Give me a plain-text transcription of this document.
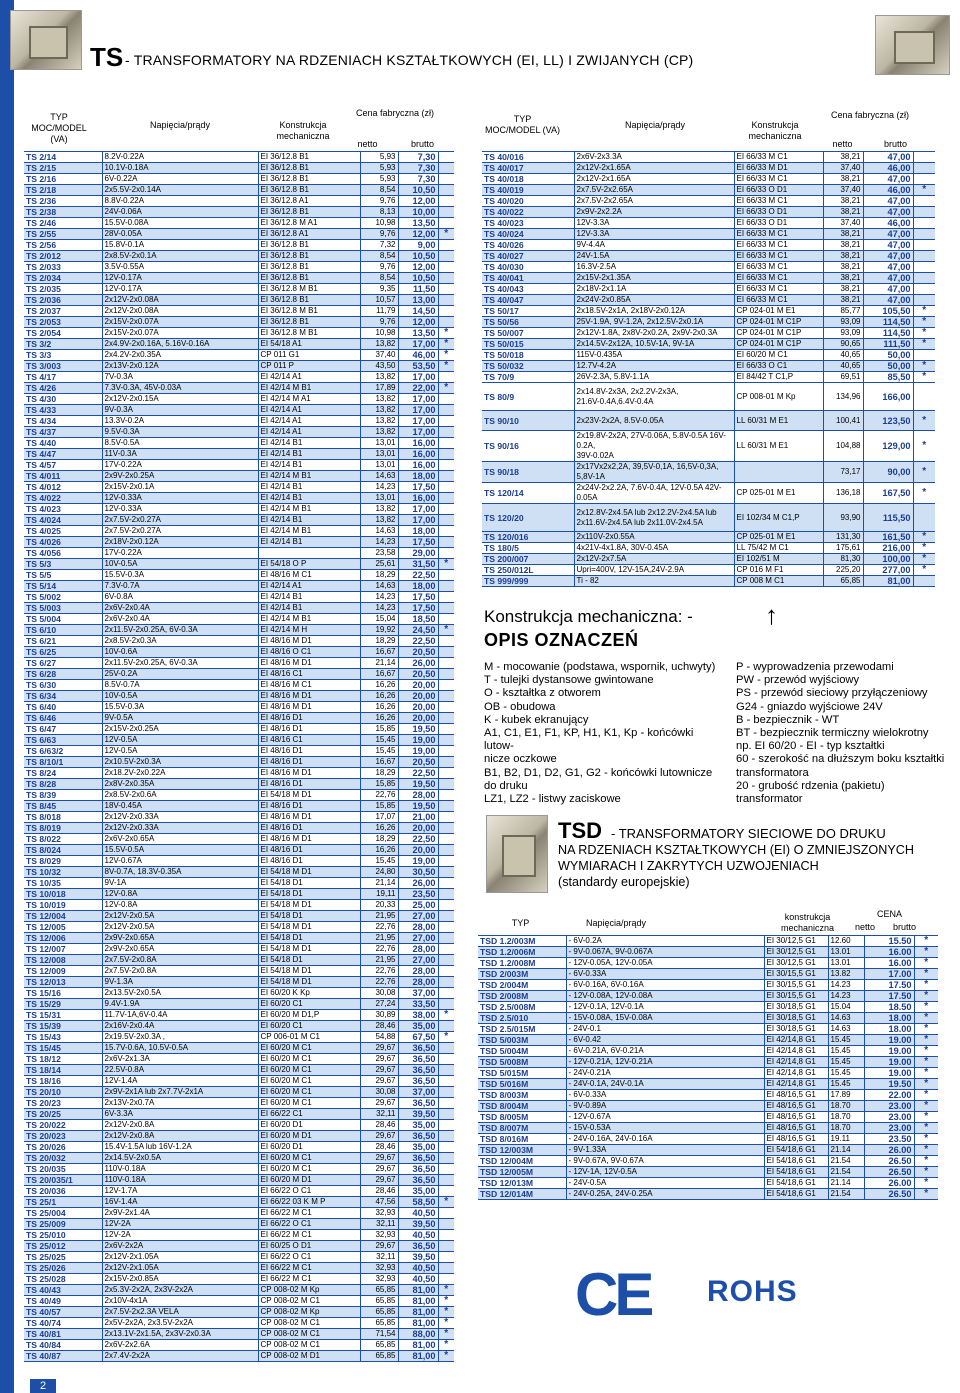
2
TS - TRANSFORMATORY NA RDZENIACH KSZTAŁTKOWYCH (EI, LL) I ZWIJANYCH (CP)
TYP MOC/MODEL (VA)
Napięcia/prądy	Konstrukcja mechaniczna
Cena fabryczna (zł)
netto	brutto
TS 2/14	8.2V-0.22A	EI 36/12.8 B1	5,93	7,30	
TS 2/15	10.1V-0.18A	EI 36/12.8 B1	5,93	7,30	
TS 2/16	6V-0.22A	EI 36/12.8 B1	5,93	7,30	
TS 2/18	2x5.5V-2x0.14A	EI 36/12.8 B1	8,54	10,50	
TS 2/36	8.8V-0.22A	EI 36/12.8 A1	9,76	12,00	
TS 2/38	24V-0.06A	EI 36/12.8 B1	8,13	10,00	
TS 2/46	15.5V-0.08A	EI 36/12.8 M A1	10,98	13,50	
TS 2/55	28V-0.05A	EI 36/12.8 A1	9,76	12,00	*
TS 2/56	15.8V-0.1A	EI 36/12.8 B1	7,32	9,00	
TS 2/012	2x8.5V-2x0.1A	EI 36/12.8 B1	8,54	10,50	
TS 2/033	3.5V-0.55A	EI 36/12.8 B1	9,76	12,00	
TS 2/034	12V-0.17A	EI 36/12.8 B1	8,54	10,50	
TS 2/035	12V-0.17A	EI 36/12.8 M B1	9,35	11,50	
TS 2/036	2x12V-2x0.08A	EI 36/12.8 B1	10,57	13,00	
TS 2/037	2x12V-2x0.08A	EI 36/12.8 M B1	11,79	14,50	
TS 2/053	2x15V-2x0.07A	EI 36/12.8 B1	9,76	12,00	
TS 2/054	2x15V-2x0.07A	EI 36/12.8 M B1	10,98	13,50	*
TS 3/2	2x4.9V-2x0.16A, 5.16V-0.16A	EI 54/18 A1	13,82	17,00	*
TS 3/3	2x4.2V-2x0.35A	CP 011 G1	37,40	46,00	*
TS 3/003	2x13V-2x0.12A	CP 011 P	43,50	53,50	*
TS 4/17	7V-0.3A	EI 42/14 A1	13,82	17,00	
TS 4/26	7.3V-0.3A, 45V-0.03A	EI 42/14 M B1	17,89	22,00	*
TS 4/30	2x12V-2x0.15A	EI 42/14 M A1	13,82	17,00	
TS 4/33	9V-0.3A	EI 42/14 A1	13,82	17,00	
TS 4/34	13.3V-0.2A	EI 42/14 A1	13,82	17,00	
TS 4/37	9.5V-0.3A	EI 42/14 A1	13,82	17,00	
TS 4/40	8.5V-0.5A	EI 42/14 B1	13,01	16,00	
TS 4/47	11V-0.3A	EI 42/14 B1	13,01	16,00	
TS 4/57	17V-0.22A	EI 42/14 B1	13,01	16,00	
TS 4/011	2x9V-2x0.25A	EI 42/14 M B1	14,63	18,00	
TS 4/012	2x15V-2x0.1A	EI 42/14 B1	14,23	17,50	
TS 4/022	12V-0.33A	EI 42/14 B1	13,01	16,00	
TS 4/023	12V-0.33A	EI 42/14 M B1	13,82	17,00	
TS 4/024	2x7.5V-2x0.27A	EI 42/14 B1	13,82	17,00	
TS 4/025	2x7.5V-2x0.27A	EI 42/14 M B1	14,63	18,00	
TS 4/026	2x18V-2x0.12A	EI 42/14 B1	14,23	17,50	
TS 4/056	17V-0.22A		23,58	29,00	
TS 5/3	10V-0.5A	EI 54/18 O P	25,61	31,50	*
TS 5/5	15.5V-0.3A	EI 48/16 M C1	18,29	22,50	
TS 5/14	7.3V-0.7A	EI 42/14 A1	14,63	18,00	
TS 5/002	6V-0.8A	EI 42/14 B1	14,23	17,50	
TS 5/003	2x6V-2x0.4A	EI 42/14 B1	14,23	17,50	
TS 5/004	2x6V-2x0.4A	EI 42/14 M B1	15,04	18,50	
TS 6/10	2x11.5V-2x0.25A, 6V-0.3A	EI 42/14 M H	19,92	24,50	*
TS 6/21	2x8.5V-2x0.3A	EI 48/16 M D1	18,29	22,50	
TS 6/25	10V-0.6A	EI 48/16 O C1	16,67	20,50	
TS 6/27	2x11.5V-2x0.25A, 6V-0.3A	EI 48/16 M D1	21,14	26,00	
TS 6/28	25V-0.2A	EI 48/16 C1	16,67	20,50	
TS 6/30	8.5V-0.7A	EI 48/16 M C1	16,26	20,00	
TS 6/34	10V-0.5A	EI 48/16 M D1	16,26	20,00	
TS 6/40	15.5V-0.3A	EI 48/16 M D1	16,26	20,00	
TS 6/46	9V-0.5A	EI 48/16 D1	16,26	20,00	
TS 6/47	2x15V-2x0.25A	EI 48/16 D1	15,85	19,50	
TS 6/63	12V-0.5A	EI 48/16 C1	15,45	19,00	
TS 6/63/2	12V-0.5A	EI 48/16 D1	15,45	19,00	
TS 8/10/1	2x10.5V-2x0.3A	EI 48/16 D1	16,67	20,50	
TS 8/24	2x18.2V-2x0.22A	EI 48/16 M D1	18,29	22,50	
TS 8/28	2x8V-2x0.35A	EI 48/16 D1	15,85	19,50	
TS 8/39	2x8.5V-2x0.6A	EI 54/18 M D1	22,76	28,00	
TS 8/45	18V-0.45A	EI 48/16 D1	15,85	19,50	
TS 8/018	2x12V-2x0.33A	EI 48/16 M D1	17,07	21,00	
TS 8/019	2x12V-2x0.33A	EI 48/16 D1	16,26	20,00	
TS 8/022	2x6V-2x0.65A	EI 48/16 M D1	18,29	22,50	
TS 8/024	15.5V-0.5A	EI 48/16 D1	16,26	20,00	
TS 8/029	12V-0.67A	EI 48/16 D1	15,45	19,00	
TS 10/32	8V-0.7A, 18.3V-0.35A	EI 54/18 M D1	24,80	30,50	
TS 10/35	9V-1A	EI 54/18 D1	21,14	26,00	
TS 10/018	12V-0.8A	EI 54/18 D1	19,11	23,50	
TS 10/019	12V-0.8A	EI 54/18 M D1	20,33	25,00	
TS 12/004	2x12V-2x0.5A	EI 54/18 D1	21,95	27,00	
TS 12/005	2x12V-2x0.5A	EI 54/18 M D1	22,76	28,00	
TS 12/006	2x9V-2x0.65A	EI 54/18 D1	21,95	27,00	
TS 12/007	2x9V-2x0.65A	EI 54/18 M D1	22,76	28,00	
TS 12/008	2x7.5V-2x0.8A	EI 54/18 D1	21,95	27,00	
TS 12/009	2x7.5V-2x0.8A	EI 54/18 M D1	22,76	28,00	
TS 12/013	9V-1.3A	EI 54/18 M D1	22,76	28,00	
TS 15/16	2x13.5V-2x0.5A	EI 60/20 K Kp	30,08	37,00	
TS 15/29	9.4V-1.9A	EI 60/20 C1	27,24	33,50	
TS 15/31	11.7V-1A,6V-0.4A	EI 60/20 M D1,P	30,89	38,00	*
TS 15/39	2x16V-2x0.4A	EI 60/20 C1	28,46	35,00	
TS 15/43	2x19.5V-2x0.3A ,	CP 006-01 M C1	54,88	67,50	*
TS 15/45	15.7V-0.6A, 10.5V-0.5A	EI 60/20 M C1	29,67	36,50	
TS 18/12	2x6V-2x1.3A	EI 60/20 M C1	29,67	36,50	
TS 18/14	22.5V-0.8A	EI 60/20 M C1	29,67	36,50	
TS 18/16	12V-1.4A	EI 60/20 M C1	29,67	36,50	
TS 20/10	2x9V-2x1A lub 2x7.7V-2x1A	EI 60/20 M C1	30,08	37,00	
TS 20/23	2x13V-2x0.7A	EI 60/20 M C1	29,67	36,50	
TS 20/25	6V-3.3A	EI 66/22 C1	32,11	39,50	
TS 20/022	2x12V-2x0.8A	EI 60/20 D1	28,46	35,00	
TS 20/023	2x12V-2x0.8A	EI 60/20 M D1	29,67	36,50	
TS 20/026	15.4V-1.5A lub 16V-1.2A	EI 60/20 D1	28,46	35,00	
TS 20/032	2x14.5V-2x0.5A	EI 60/20 M C1	29,67	36,50	
TS 20/035	110V-0.18A	EI 60/20 M C1	29,67	36,50	
TS 20/035/1	110V-0.18A	EI 60/20 M D1	29,67	36,50	
TS 20/036	12V-1.7A	EI 66/22 O C1	28,46	35,00	
TS 25/1	16V-1.4A	EI 66/22 03 K M P	47,56	58,50	*
TS 25/004	2x9V-2x1.4A	EI 66/22 M C1	32,93	40,50	
TS 25/009	12V-2A	EI 66/22 O C1	32,11	39,50	
TS 25/010	12V-2A	EI 66/22 M C1	32,93	40,50	
TS 25/012	2x6V-2x2A	EI 60/25 O D1	29,67	36,50	
TS 25/025	2x12V-2x1.05A	EI 66/22 O C1	32,11	39,50	
TS 25/026	2x12V-2x1.05A	EI 66/22 M C1	32,93	40,50	
TS 25/028	2x15V-2x0.85A	EI 66/22 M C1	32,93	40,50	
TS 40/43	2x5.3V-2x2A, 2x3V-2x2A	CP 008-02 M Kp	65,85	81,00	*
TS 40/49	2x10V-4x1A	CP 008-02 M C1	65,85	81,00	*
TS 40/57	2x7.5V-2x2.3A VELA	CP 008-02 M Kp	65,85	81,00	*
TS 40/74	2x5V-2x2A, 2x3.5V-2x2A	CP 008-02 M C1	65,85	81,00	*
TS 40/81	2x13.1V-2x1.5A, 2x3V-2x0.3A	CP 008-02 M C1	71,54	88,00	*
TS 40/84	2x6V-2x2.6A	CP 008-02 M C1	65,85	81,00	*
TS 40/87	2x7.4V-2x2A	CP 008-02 M D1	65,85	81,00	*
TYP MOC/MODEL (VA)	Napięcia/prądy	Konstrukcja mechaniczna
Cena fabryczna (zł)
netto	brutto
TS 40/016	2x6V-2x3.3A	EI 66/33 M C1	38,21	47,00	
TS 40/017	2x12V-2x1.65A	EI 66/33 M D1	37,40	46,00	
TS 40/018	2x12V-2x1.65A	EI 66/33 M C1	38,21	47,00	
TS 40/019	2x7.5V-2x2.65A	EI 66/33 O D1	37,40	46,00	*
TS 40/020	2x7.5V-2x2.65A	EI 66/33 M C1	38,21	47,00	
TS 40/022	2x9V-2x2.2A	EI 66/33 O D1	38,21	47,00	
TS 40/023	12V-3.3A	EI 66/33 O D1	37,40	46,00	
TS 40/024	12V-3.3A	EI 66/33 M C1	38,21	47,00	
TS 40/026	9V-4.4A	EI 66/33 M C1	38,21	47,00	
TS 40/027	24V-1.5A	EI 66/33 M C1	38,21	47,00	
TS 40/030	16.3V-2.5A	EI 66/33 M C1	38,21	47,00	
TS 40/041	2x15V-2x1.35A	EI 66/33 M C1	38,21	47,00	
TS 40/043	2x18V-2x1.1A	EI 66/33 M C1	38,21	47,00	
TS 40/047	2x24V-2x0.85A	EI 66/33 M C1	38,21	47,00	
TS 50/17	2x18.5V-2x1A, 2x18V-2x0.12A	CP 024-01 M E1	85,77	105,50	*
TS 50/56	25V-1.9A, 9V-1.2A, 2x12.5V-2x0.1A	CP 024-01 M C1P	93,09	114,50	*
TS 50/007	2x12V-1.8A, 2x8V-2x0.2A, 2x9V-2x0.3A	CP 024-01 M C1P	93,09	114,50	*
TS 50/015	2x14.5V-2x12A, 10.5V-1A, 9V-1A	CP 024-01 M C1P	90,65	111,50	*
TS 50/018	115V-0.435A	EI 60/20 M C1	40,65	50,00	
TS 50/032	12.7V-4.2A	EI 66/33 O C1	40,65	50,00	*
TS 70/9	26V-2.3A, 5.8V-1.1A	EI 84/42 T C1,P	69,51	85,50	*
TS 80/9	2x14.8V-2x3A, 2x2.2V-2x3A,
21.6V-0.4A,6.4V-0.4A	CP 008-01 M Kp	134,96	166,00	
TS 90/10	2x23V-2x2A, 8.5V-0.05A	LL 60/31 M E1	100,41	123,50	*
TS 90/16	2x19.8V-2x2A, 27V-0.06A, 5.8V-0.5A 16V-0.2A,
39V-0.02A	LL 60/31 M E1	104,88	129,00	*
TS 90/18	2x17Vx2x2,2A, 39,5V-0,1A, 16,5V-0,3A, 5,8V-1A		73,17	90,00	*
TS 120/14	2x24V-2x2.2A, 7.6V-0.4A, 12V-0.5A 42V-0.05A	CP 025-01 M E1	136,18	167,50	*
TS 120/20	2x12.8V-2x4.5A lub 2x12.2V-2x4.5A lub
2x11.6V-2x4.5A lub 2x11.0V-2x4.5A	EI 102/34 M C1,P	93,90	115,50	
TS 120/016	2x110V-2x0.55A	CP 025-01 M E1	131,30	161,50	*
TS 180/5	4x21V-4x1.8A, 30V-0.45A	LL 75/42 M C1	175,61	216,00	*
TS 200/007	2x12V-2x7.5A	EI 102/51 M	81,30	100,00	*
TS 250/012L	Upri=400V, 12V-15A,24V-2.9A	CP 016 M F1	225,20	277,00	*
TS 999/999	Ti - 82	CP 008 M C1	65,85	81,00	
Konstrukcja mechaniczna: -
OPIS OZNACZEŃ
↑
M - mocowanie (podstawa, wspornik, uchwyty)
T - tulejki dystansowe gwintowane
O - kształtka z otworem
OB - obudowa
K - kubek ekranujący
A1, C1, E1, F1, KP, H1, K1, Kp - końcówki lutow-
nicze oczkowe
B1, B2, D1, D2, G1, G2 - końcówki lutownicze
do druku
LZ1, LZ2 - listwy zaciskowe
P - wyprowadzenia przewodami
PW - przewód wyjściowy
PS - przewód sieciowy przyłączeniowy
G24 - gniazdo wyjściowe 24V
B - bezpiecznik - WT
BT - bezpiecznik termiczny wielokrotny
np. EI 60/20 - EI - typ kształtki
60 - szerokość na dłuższym boku kształtki
transformatora
20 - grubość rdzenia (pakietu) transformator
TSD - TRANSFORMATORY SIECIOWE DO DRUKU
NA RDZENIACH KSZTAŁTKOWYCH (EI) O ZMNIEJSZONYCH
WYMIARACH I ZAKRYTYCH UZWOJENIACH
(standardy europejskie)
TYP	Napięcia/prądy
konstrukcja mechaniczna
CENA
netto	brutto
TSD 1.2/003M	- 6V-0.2A	EI 30/12,5 G1	12.60	15.50	*
TSD 1.2/006M	- 9V-0.067A, 9V-0.067A	EI 30/12,5 G1	13.01	16.00	*
TSD 1.2/008M	- 12V-0.05A, 12V-0.05A	EI 30/12,5 G1	13.01	16.00	*
TSD 2/003M	- 6V-0.33A	EI 30/15,5 G1	13.82	17.00	*
TSD 2/004M	- 6V-0.16A, 6V-0.16A	EI 30/15,5 G1	14.23	17.50	*
TSD 2/008M	- 12V-0.08A, 12V-0.08A	EI 30/15,5 G1	14.23	17.50	*
TSD 2.5/008M	- 12V-0.1A, 12V-0.1A	EI 30/18,5 G1	15.04	18.50	*
TSD 2.5/010	- 15V-0.08A, 15V-0.08A	EI 30/18,5 G1	14.63	18.00	*
TSD 2.5/015M	- 24V-0.1	EI 30/18,5 G1	14.63	18.00	*
TSD 5/003M	- 6V-0.42	EI 42/14,8 G1	15.45	19.00	*
TSD 5/004M	- 6V-0.21A, 6V-0.21A	EI 42/14,8 G1	15.45	19.00	*
TSD 5/008M	- 12V-0.21A, 12V-0.21A	EI 42/14,8 G1	15.45	19.00	*
TSD 5/015M	- 24V-0.21A	EI 42/14,8 G1	15.45	19.00	*
TSD 5/016M	- 24V-0.1A, 24V-0.1A	EI 42/14,8 G1	15.45	19.50	*
TSD 8/003M	- 6V-0.33A	EI 48/16,5 G1	17.89	22.00	*
TSD 8/004M	- 9V-0.89A	EI 48/16,5 G1	18.70	23.00	*
TSD 8/005M	- 12V-0.67A	EI 48/16,5 G1	18.70	23.00	*
TSD 8/007M	- 15V-0.53A	EI 48/16,5 G1	18.70	23.00	*
TSD 8/016M	- 24V-0.16A, 24V-0.16A	EI 48/16,5 G1	19.11	23.50	*
TSD 12/003M	- 9V-1.33A	EI 54/18,6 G1	21.14	26.00	*
TSD 12/004M	- 9V-0.67A, 9V-0.67A	EI 54/18,6 G1	21.54	26.50	*
TSD 12/005M	- 12V-1A, 12V-0.5A	EI 54/18,6 G1	21.54	26.50	*
TSD 12/013M	- 24V-0.5A	EI 54/18,6 G1	21.14	26.00	*
TSD 12/014M	- 24V-0.25A, 24V-0.25A	EI 54/18,6 G1	21.54	26.50	*
CE ROHS
